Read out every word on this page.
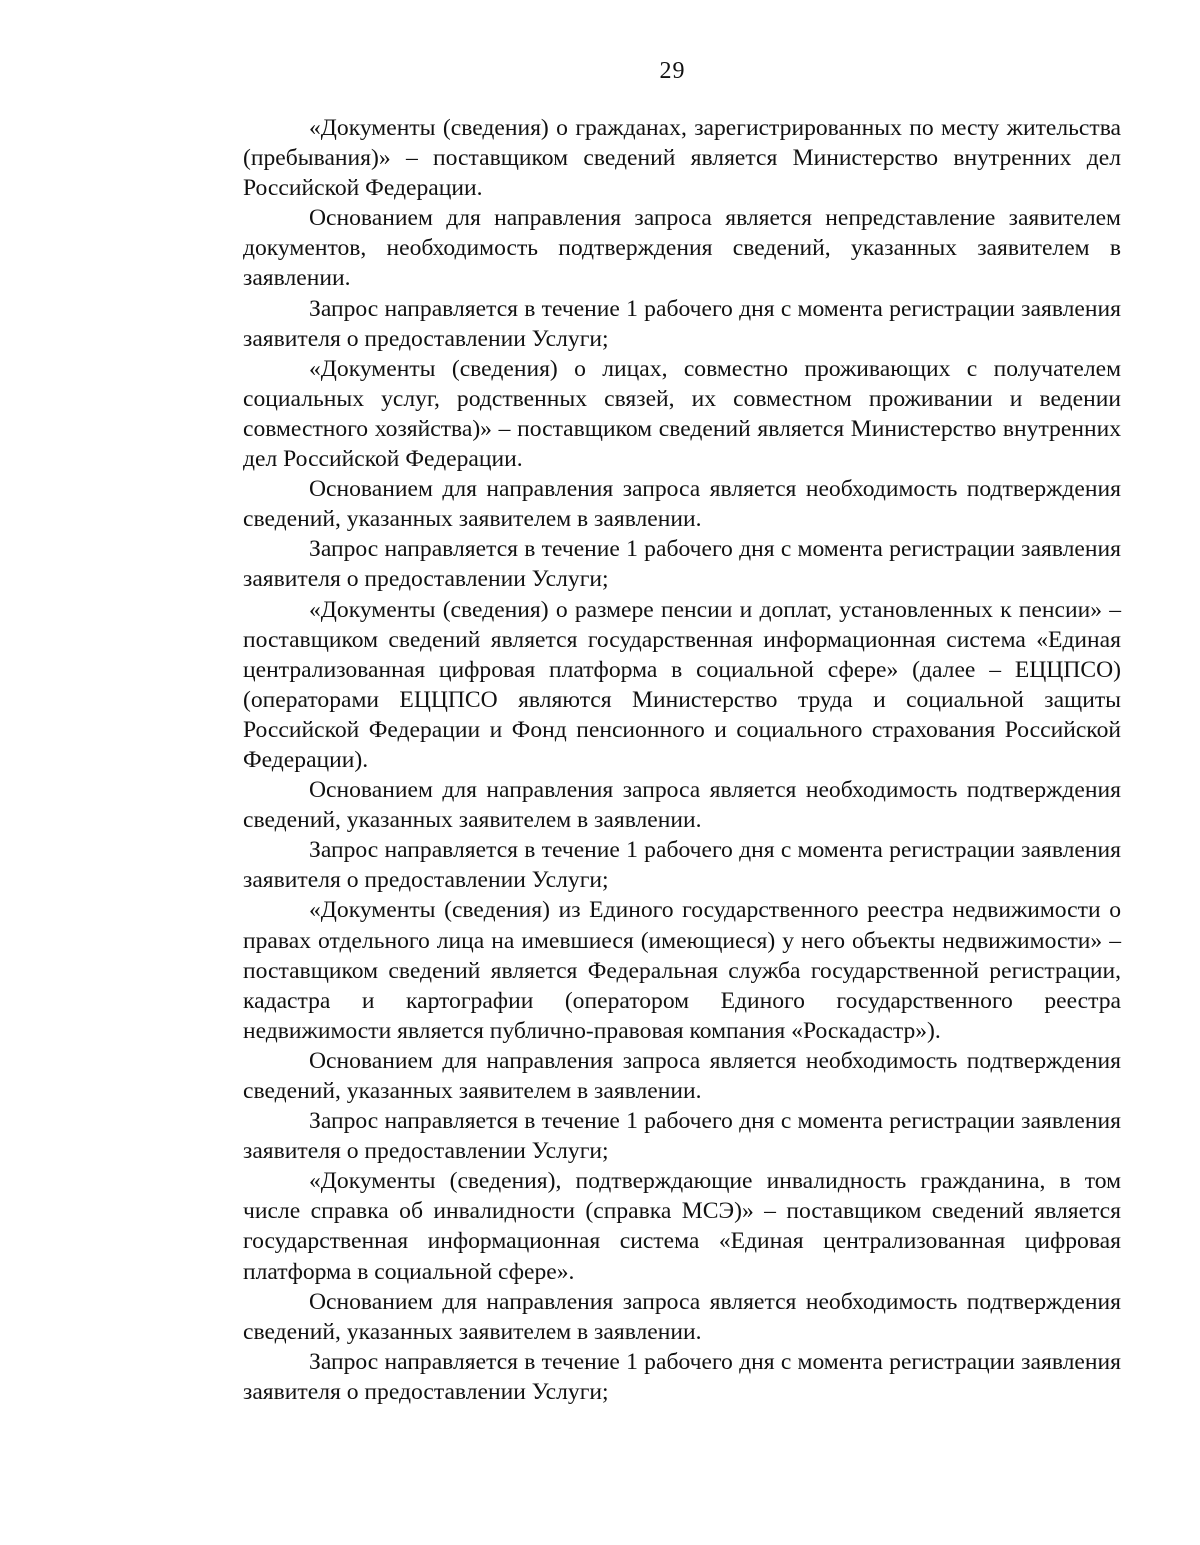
29

«Документы (сведения) о гражданах, зарегистрированных по месту жительства (пребывания)» – поставщиком сведений является Министерство внутренних дел Российской Федерации.

Основанием для направления запроса является непредставление заявителем документов, необходимость подтверждения сведений, указанных заявителем в заявлении.

Запрос направляется в течение 1 рабочего дня с момента регистрации заявления заявителя о предоставлении Услуги;

«Документы (сведения) о лицах, совместно проживающих с получателем социальных услуг, родственных связей, их совместном проживании и ведении совместного хозяйства)» – поставщиком сведений является Министерство внутренних дел Российской Федерации.

Основанием для направления запроса является необходимость подтверждения сведений, указанных заявителем в заявлении.

Запрос направляется в течение 1 рабочего дня с момента регистрации заявления заявителя о предоставлении Услуги;

«Документы (сведения) о размере пенсии и доплат, установленных к пенсии» – поставщиком сведений является государственная информационная система «Единая централизованная цифровая платформа в социальной сфере» (далее – ЕЦЦПСО) (операторами ЕЦЦПСО являются Министерство труда и социальной защиты Российской Федерации и Фонд пенсионного и социального страхования Российской Федерации).

Основанием для направления запроса является необходимость подтверждения сведений, указанных заявителем в заявлении.

Запрос направляется в течение 1 рабочего дня с момента регистрации заявления заявителя о предоставлении Услуги;

«Документы (сведения) из Единого государственного реестра недвижимости о правах отдельного лица на имевшиеся (имеющиеся) у него объекты недвижимости» – поставщиком сведений является Федеральная служба государственной регистрации, кадастра и картографии (оператором Единого государственного реестра недвижимости является публично-правовая компания «Роскадастр»).

Основанием для направления запроса является необходимость подтверждения сведений, указанных заявителем в заявлении.

Запрос направляется в течение 1 рабочего дня с момента регистрации заявления заявителя о предоставлении Услуги;

«Документы (сведения), подтверждающие инвалидность гражданина, в том числе справка об инвалидности (справка МСЭ)» – поставщиком сведений является государственная информационная система «Единая централизованная цифровая платформа в социальной сфере».

Основанием для направления запроса является необходимость подтверждения сведений, указанных заявителем в заявлении.

Запрос направляется в течение 1 рабочего дня с момента регистрации заявления заявителя о предоставлении Услуги;
